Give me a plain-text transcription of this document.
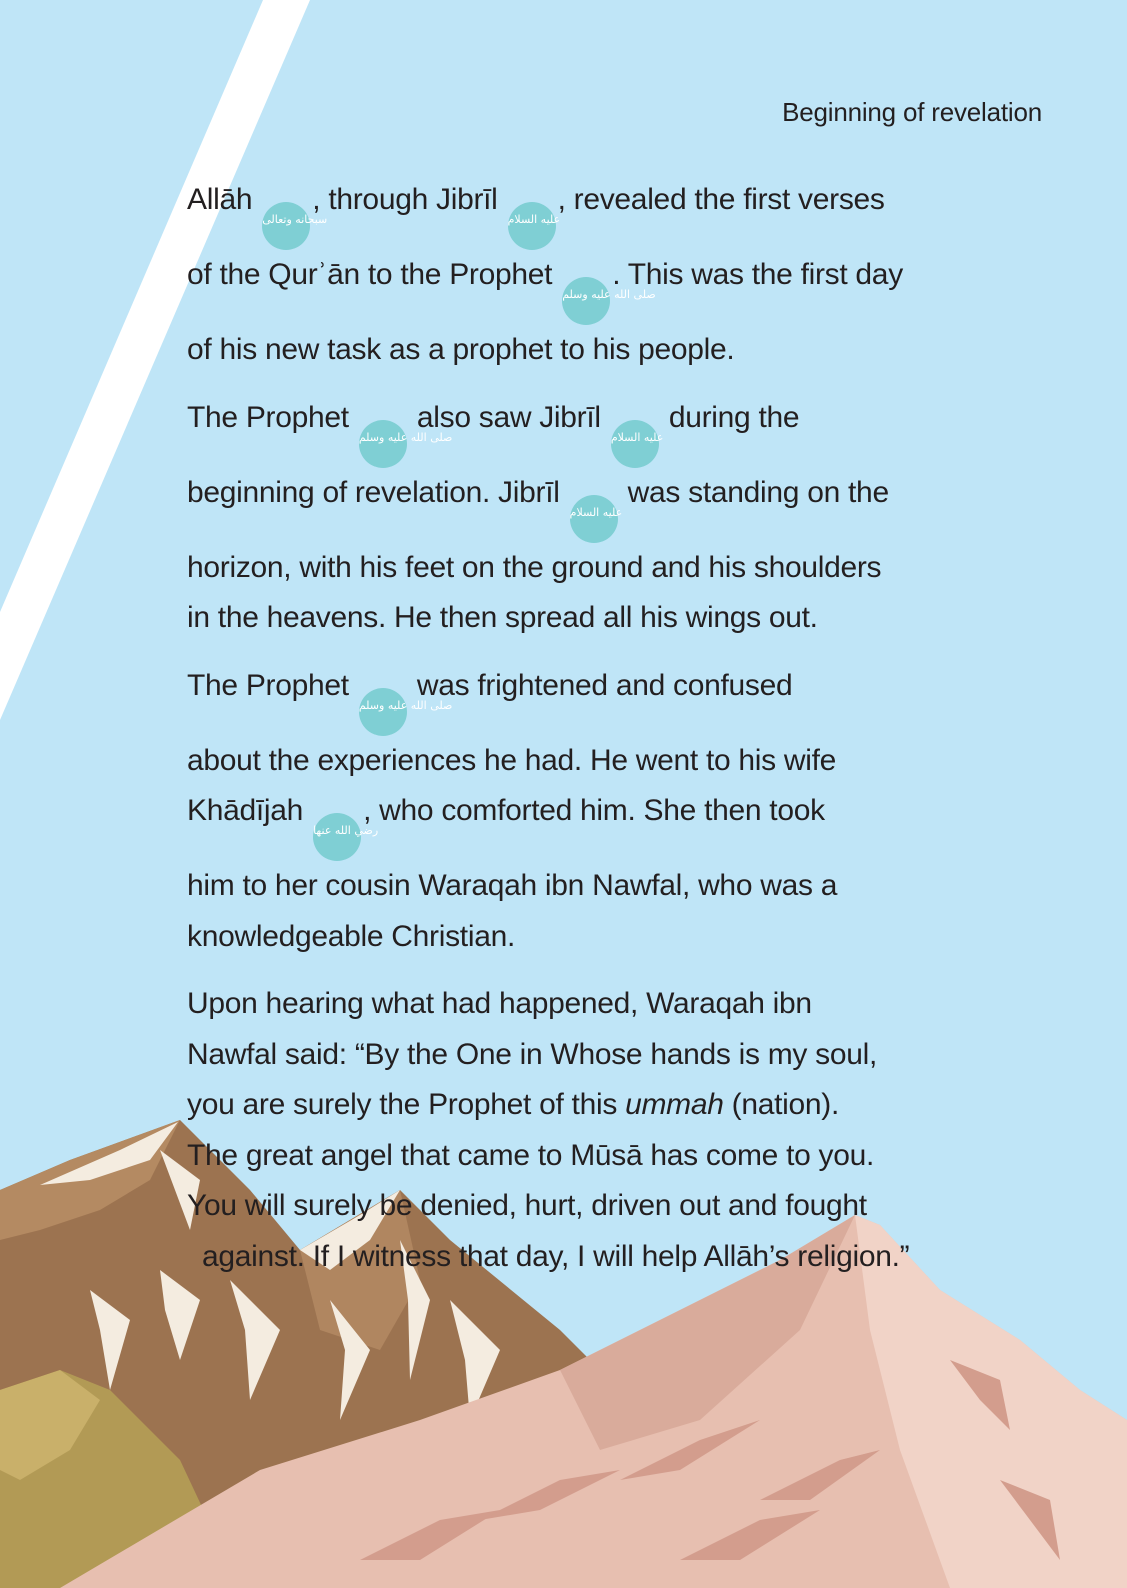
Beginning of revelation

Allāh سبحانه وتعالى, through Jibrīl عليه السلام, revealed the first verses
of the Qurʾān to the Prophet صلى الله عليه وسلم. This was the first day
of his new task as a prophet to his people.

The Prophet صلى الله عليه وسلم also saw Jibrīl عليه السلام during the
beginning of revelation. Jibrīl عليه السلام was standing on the
horizon, with his feet on the ground and his shoulders
in the heavens. He then spread all his wings out.

The Prophet صلى الله عليه وسلم was frightened and confused
about the experiences he had. He went to his wife
Khādījah رضي الله عنها, who comforted him. She then took
him to her cousin Waraqah ibn Nawfal, who was a
knowledgeable Christian.

Upon hearing what had happened, Waraqah ibn
Nawfal said: “By the One in Whose hands is my soul,
you are surely the Prophet of this ummah (nation).
The great angel that came to Mūsā has come to you.
You will surely be denied, hurt, driven out and fought
against. If I witness that day, I will help Allāh’s religion.”
